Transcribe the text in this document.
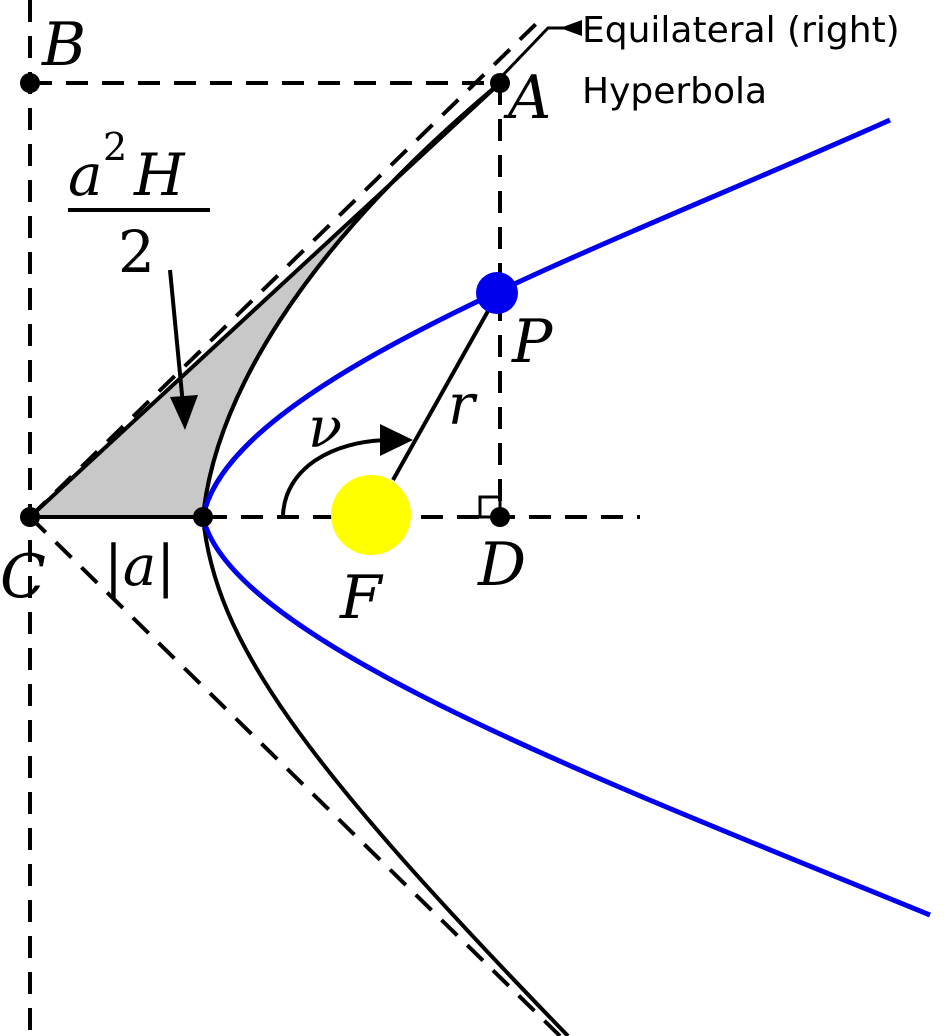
B
A
C	D
P
F
r
ν
|a|
a 2 H
2
Equilateral (right)
Hyperbola
